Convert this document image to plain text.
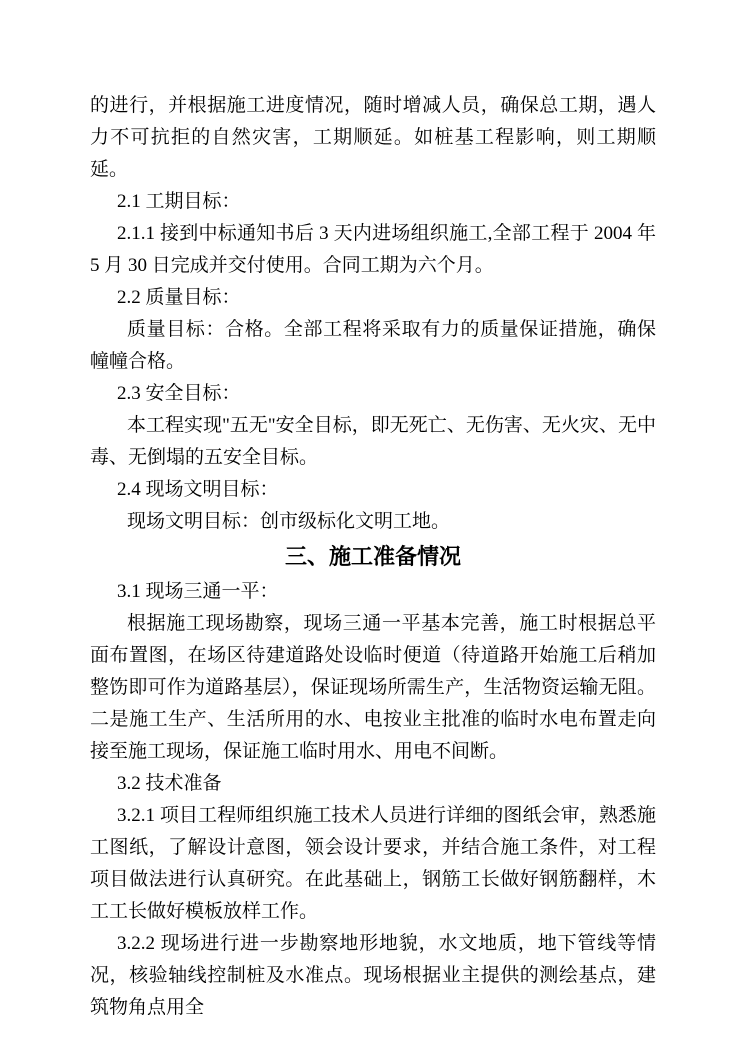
的进行，并根据施工进度情况，随时增减人员，确保总工期，遇人力不可抗拒的自然灾害，工期顺延。如桩基工程影响，则工期顺延。

2.1 工期目标：

2.1.1 接到中标通知书后 3 天内进场组织施工,全部工程于 2004 年 5 月 30 日完成并交付使用。合同工期为六个月。

2.2 质量目标：

质量目标：合格。全部工程将采取有力的质量保证措施，确保幢幢合格。

2.3 安全目标：

本工程实现"五无"安全目标，即无死亡、无伤害、无火灾、无中毒、无倒塌的五安全目标。

2.4 现场文明目标：

现场文明目标：创市级标化文明工地。

三、施工准备情况

3.1 现场三通一平：

根据施工现场勘察，现场三通一平基本完善，施工时根据总平面布置图，在场区待建道路处设临时便道（待道路开始施工后稍加整饬即可作为道路基层），保证现场所需生产，生活物资运输无阻。二是施工生产、生活所用的水、电按业主批准的临时水电布置走向接至施工现场，保证施工临时用水、用电不间断。

3.2 技术准备

3.2.1 项目工程师组织施工技术人员进行详细的图纸会审，熟悉施工图纸，了解设计意图，领会设计要求，并结合施工条件，对工程项目做法进行认真研究。在此基础上，钢筋工长做好钢筋翻样，木工工长做好模板放样工作。

3.2.2 现场进行进一步勘察地形地貌，水文地质，地下管线等情况，核验轴线控制桩及水准点。现场根据业主提供的测绘基点，建筑物角点用全
